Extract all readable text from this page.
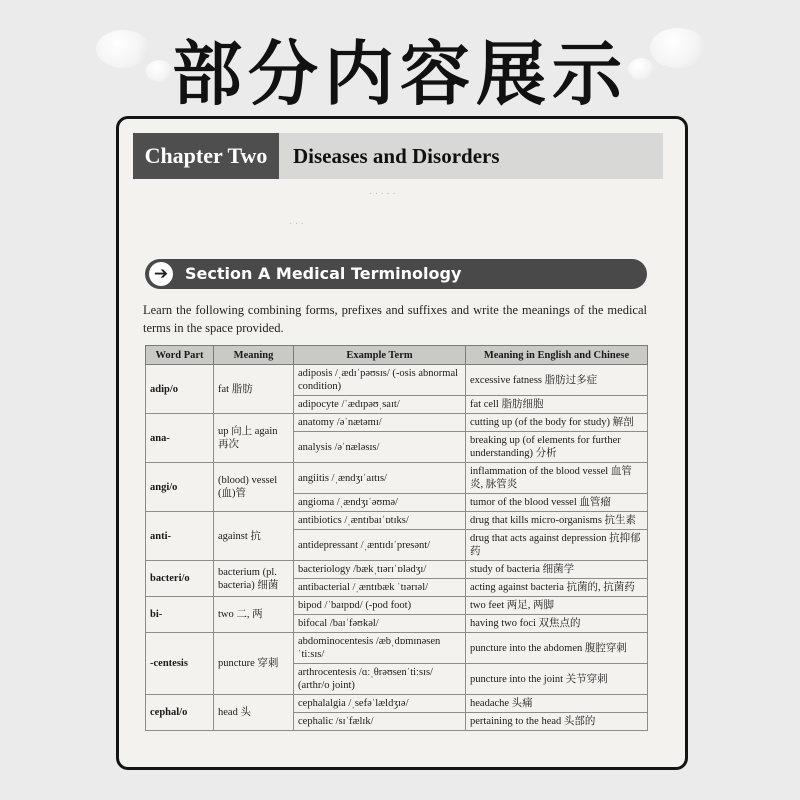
部分内容展示
· · · · ·
· · ·
Chapter Two	Diseases and Disorders
➔	Section A Medical Terminology
Learn the following combining forms, prefixes and suffixes and write the meanings of the medical terms in the space provided.
Word Part	Meaning	Example Term	Meaning in English and Chinese
adip/o	fat 脂肪	adiposis /ˌædɪˈpəʊsɪs/ (-osis abnormal condition)	excessive fatness 脂肪过多症
		adipocyte /ˈædɪpəʊˌsaɪt/	fat cell 脂肪细胞
ana-	up 向上 again 再次	anatomy /əˈnætəmɪ/	cutting up (of the body for study) 解剖
		analysis /əˈnæləsɪs/	breaking up (of elements for further understanding) 分析
angi/o	(blood) vessel (血)管	angiitis /ˌændʒɪˈaɪtɪs/	inflammation of the blood vessel 血管炎, 脉管炎
		angioma /ˌændʒɪˈəʊmə/	tumor of the blood vessel 血管瘤
anti-	against 抗	antibiotics /ˌæntɪbaɪˈɒtɪks/	drug that kills micro-organisms 抗生素
		antidepressant /ˌæntɪdɪˈpresənt/	drug that acts against depression 抗抑郁药
bacteri/o	bacterium (pl. bacteria) 细菌	bacteriology /bækˌtɪərɪˈɒlədʒɪ/	study of bacteria 细菌学
		antibacterial /ˌæntɪbæk ˈtɪərɪəl/	acting against bacteria 抗菌的, 抗菌药
bi-	two 二, 两	bipod /ˈbaɪpɒd/ (-pod foot)	two feet 两足, 两脚
		bifocal /baɪˈfəʊkəl/	having two foci 双焦点的
-centesis	puncture 穿刺	abdominocentesis /æbˌdɒmɪnəsenˈtiːsɪs/	puncture into the abdomen 腹腔穿刺
		arthrocentesis /ɑːˌθrəʊsenˈtiːsɪs/ (arthr/o joint)	puncture into the joint 关节穿刺
cephal/o	head 头	cephalalgia /ˌsefəˈlældʒɪə/	headache 头痛
		cephalic /sɪˈfælɪk/	pertaining to the head 头部的
